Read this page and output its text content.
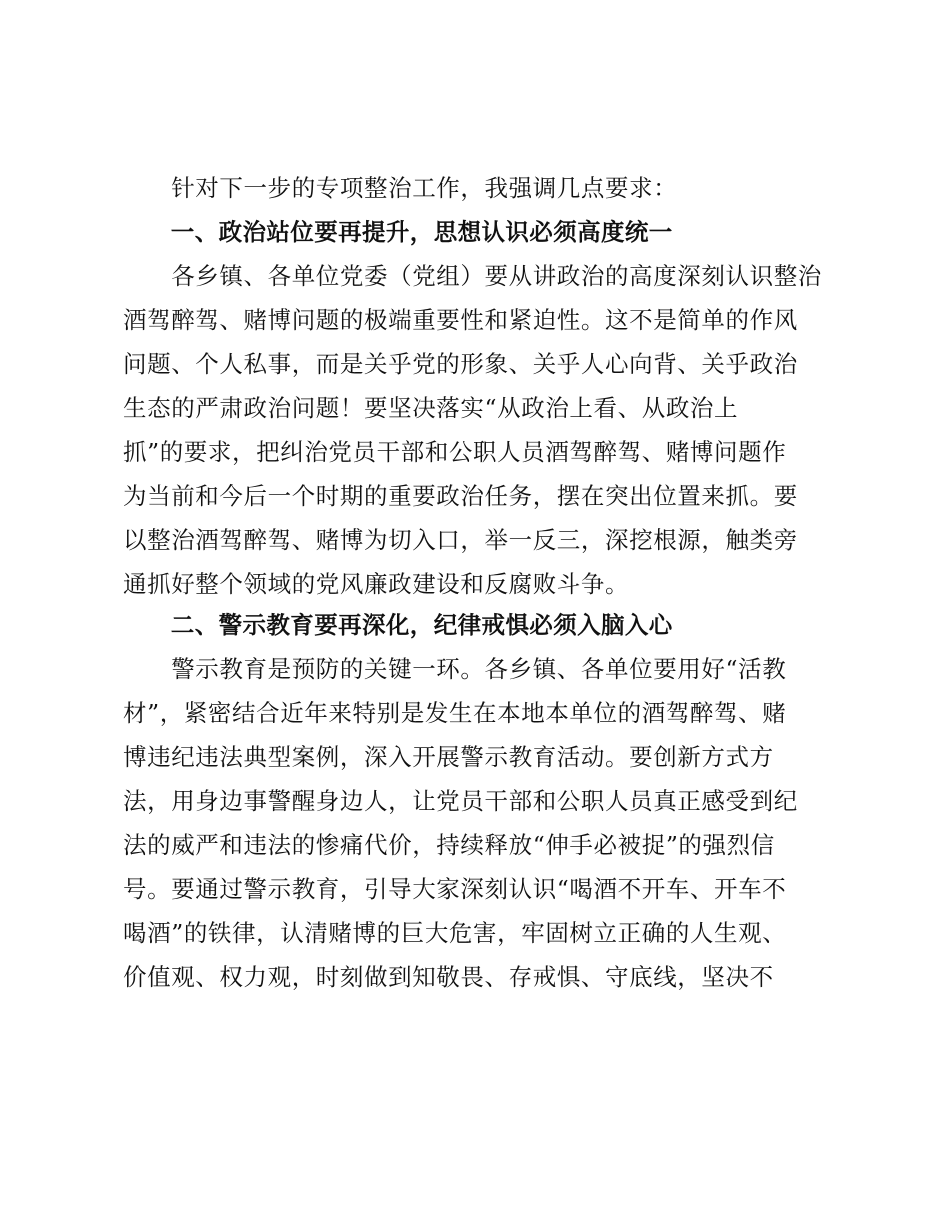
　　针对下一步的专项整治工作，我强调几点要求：
　　一、政治站位要再提升，思想认识必须高度统一
　　各乡镇、各单位党委（党组）要从讲政治的高度深刻认识整治
酒驾醉驾、赌博问题的极端重要性和紧迫性。这不是简单的作风
问题、个人私事，而是关乎党的形象、关乎人心向背、关乎政治
生态的严肃政治问题！要坚决落实“从政治上看、从政治上
抓”的要求，把纠治党员干部和公职人员酒驾醉驾、赌博问题作
为当前和今后一个时期的重要政治任务，摆在突出位置来抓。要
以整治酒驾醉驾、赌博为切入口，举一反三，深挖根源，触类旁
通抓好整个领域的党风廉政建设和反腐败斗争。
　　二、警示教育要再深化，纪律戒惧必须入脑入心
　　警示教育是预防的关键一环。各乡镇、各单位要用好“活教
材”，紧密结合近年来特别是发生在本地本单位的酒驾醉驾、赌
博违纪违法典型案例，深入开展警示教育活动。要创新方式方
法，用身边事警醒身边人，让党员干部和公职人员真正感受到纪
法的威严和违法的惨痛代价，持续释放“伸手必被捉”的强烈信
号。要通过警示教育，引导大家深刻认识“喝酒不开车、开车不
喝酒”的铁律，认清赌博的巨大危害，牢固树立正确的人生观、
价值观、权力观，时刻做到知敬畏、存戒惧、守底线，坚决不
